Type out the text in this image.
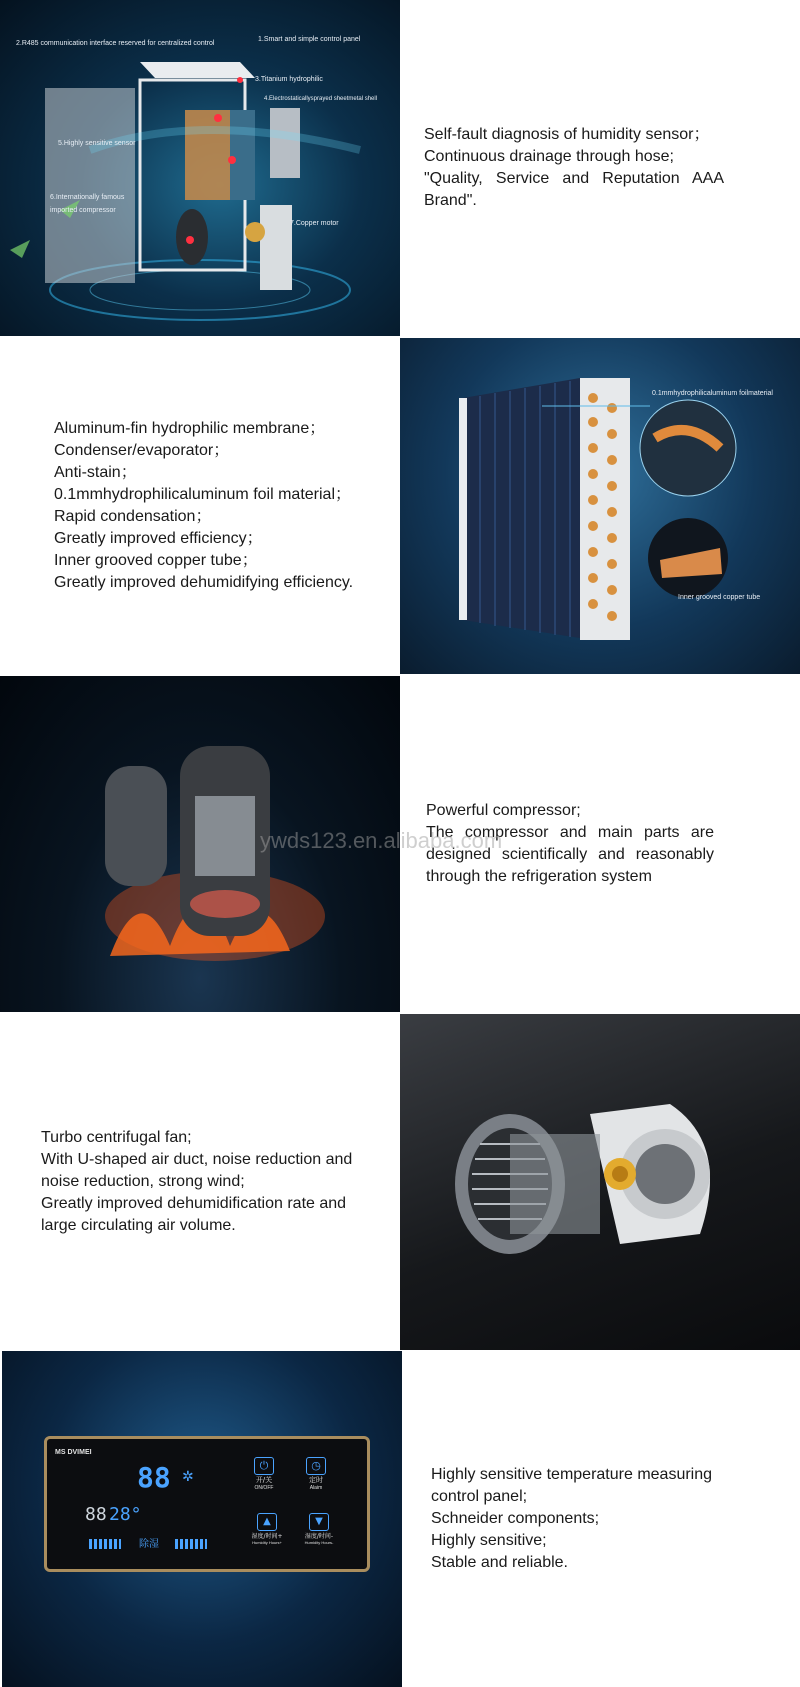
2.R485 communication interface reserved for centralized control
1.Smart and simple control panel
3.Titanium hydrophilic
4.Electrostaticallysprayed sheetmetal shell
5.Highly sensitive sensor
6.Internationally famous
imported compressor
7.Copper motor
Self-fault diagnosis of humidity sensor；
Continuous drainage through hose;
"Quality, Service and Reputation AAA Brand".
Aluminum-fin hydrophilic membrane；
Condenser/evaporator；
Anti-stain；
0.1mmhydrophilicaluminum foil material；
Rapid condensation；
Greatly improved efficiency；
Inner grooved copper tube；
Greatly improved dehumidifying efficiency.
0.1mmhydrophilicaluminum foilmaterial
Inner grooved copper tube
Powerful compressor;
The compressor and main parts are designed scientifically and reasonably through the refrigeration system
ywds123.en.alibaba.com
Turbo centrifugal fan;
With U-shaped air duct, noise reduction and noise reduction, strong wind;
Greatly improved dehumidification rate and large circulating air volume.
MS DVIMEI
88
88 28°
除湿
✲
⏻
开/关
ON/OFF
◷
定时
Alaim
▲
湿度/时间+
Humidity Hours+
▼
湿度/时间-
Humidity Hours-
Highly sensitive temperature measuring control panel;
Schneider components;
Highly sensitive;
Stable and reliable.
